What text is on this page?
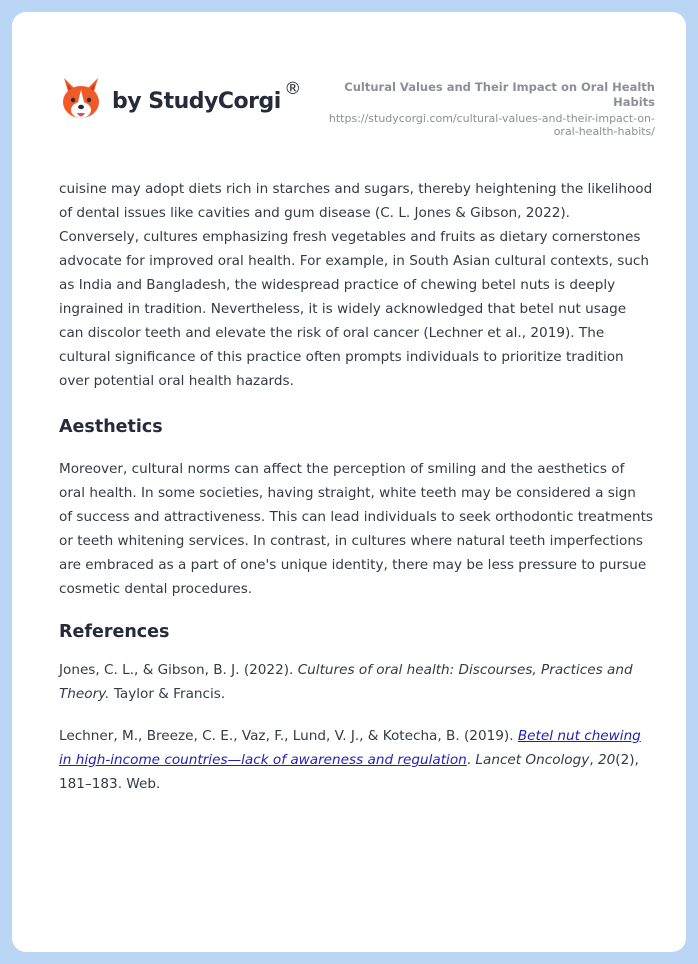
by StudyCorgi ®	Cultural Values and Their Impact on Oral Health Habits
https://studycorgi.com/cultural-values-and-their-impact-on-oral-health-habits/

cuisine may adopt diets rich in starches and sugars, thereby heightening the likelihood of dental issues like cavities and gum disease (C. L. Jones & Gibson, 2022). Conversely, cultures emphasizing fresh vegetables and fruits as dietary cornerstones advocate for improved oral health. For example, in South Asian cultural contexts, such as India and Bangladesh, the widespread practice of chewing betel nuts is deeply ingrained in tradition. Nevertheless, it is widely acknowledged that betel nut usage can discolor teeth and elevate the risk of oral cancer (Lechner et al., 2019). The cultural significance of this practice often prompts individuals to prioritize tradition over potential oral health hazards.

Aesthetics

Moreover, cultural norms can affect the perception of smiling and the aesthetics of oral health. In some societies, having straight, white teeth may be considered a sign of success and attractiveness. This can lead individuals to seek orthodontic treatments or teeth whitening services. In contrast, in cultures where natural teeth imperfections are embraced as a part of one's unique identity, there may be less pressure to pursue cosmetic dental procedures.

References

Jones, C. L., & Gibson, B. J. (2022). Cultures of oral health: Discourses, Practices and Theory. Taylor & Francis.

Lechner, M., Breeze, C. E., Vaz, F., Lund, V. J., & Kotecha, B. (2019). Betel nut chewing in high-income countries—lack of awareness and regulation. Lancet Oncology, 20(2), 181–183. Web.
